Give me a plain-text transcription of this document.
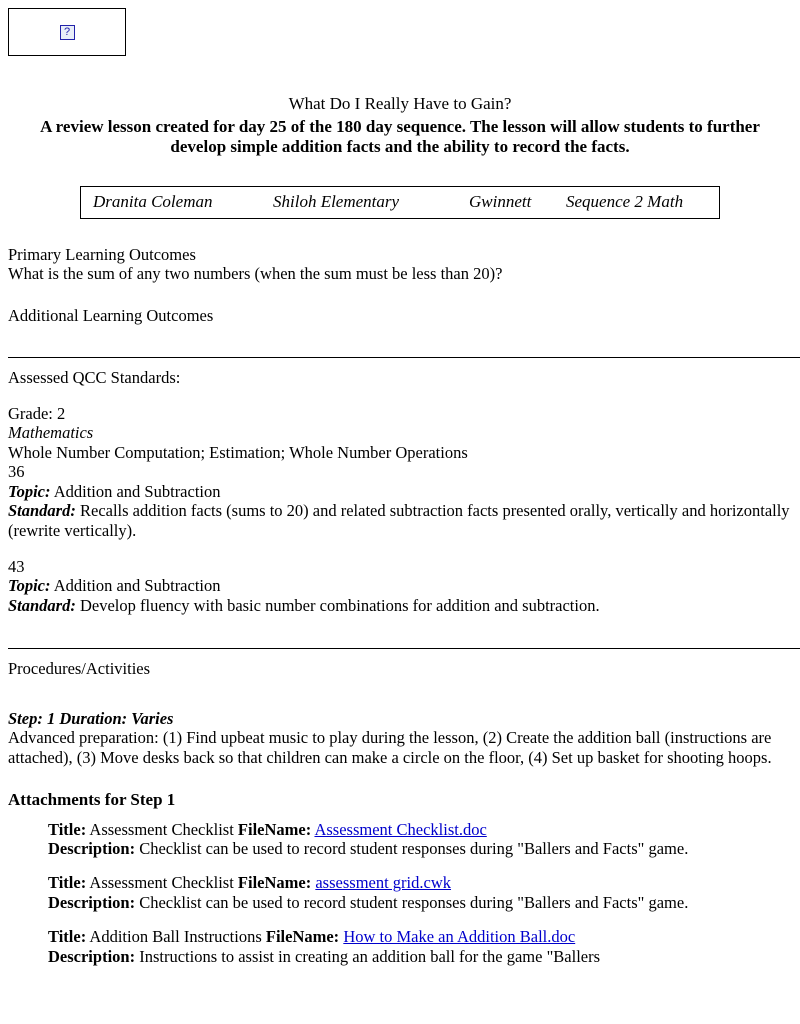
?
What Do I Really Have to Gain?
A review lesson created for day 25 of the 180 day sequence. The lesson will allow students to further develop simple addition facts and the ability to record the facts.
Dranita Coleman	Shiloh Elementary	Gwinnett	Sequence 2 Math
Primary Learning Outcomes
What is the sum of any two numbers (when the sum must be less than 20)?
Additional Learning Outcomes
Assessed QCC Standards:
Grade: 2
Mathematics
Whole Number Computation; Estimation; Whole Number Operations
36
Topic: Addition and Subtraction
Standard: Recalls addition facts (sums to 20) and related subtraction facts presented orally, vertically and horizontally (rewrite vertically).
43
Topic: Addition and Subtraction
Standard: Develop fluency with basic number combinations for addition and subtraction.
Procedures/Activities
Step: 1 Duration: Varies
Advanced preparation: (1) Find upbeat music to play during the lesson, (2) Create the addition ball (instructions are attached), (3) Move desks back so that children can make a circle on the floor, (4) Set up basket for shooting hoops.
Attachments for Step 1
Title: Assessment Checklist FileName: Assessment Checklist.doc
Description: Checklist can be used to record student responses during "Ballers and Facts" game.
Title: Assessment Checklist FileName: assessment grid.cwk
Description: Checklist can be used to record student responses during "Ballers and Facts" game.
Title: Addition Ball Instructions FileName: How to Make an Addition Ball.doc
Description: Instructions to assist in creating an addition ball for the game "Ballers
